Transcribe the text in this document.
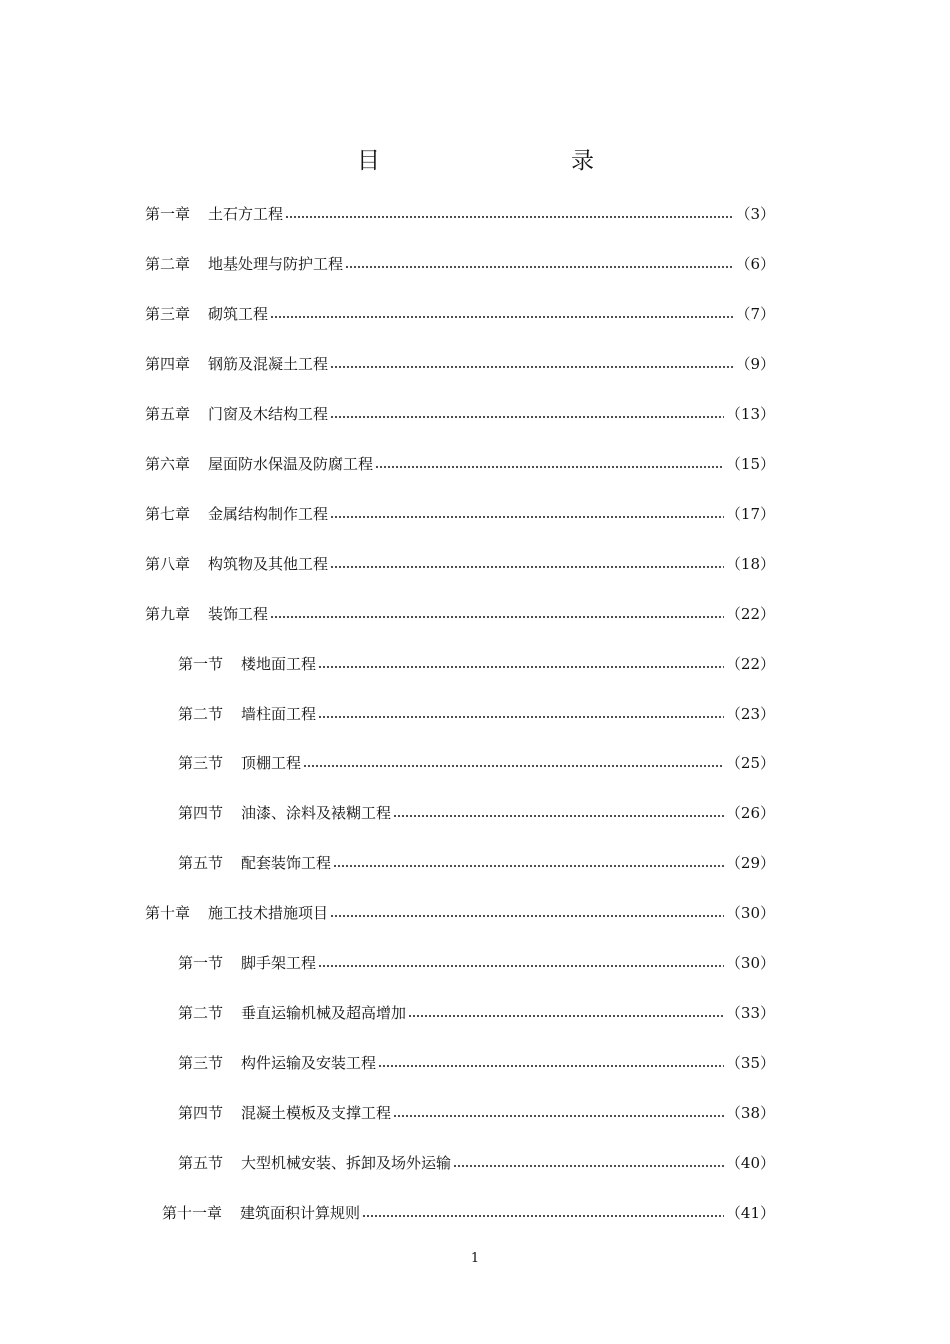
目	录
第一章 土石方工程	（3）
第二章 地基处理与防护工程	（6）
第三章 砌筑工程	（7）
第四章 钢筋及混凝土工程	（9）
第五章 门窗及木结构工程	（13）
第六章 屋面防水保温及防腐工程	（15）
第七章 金属结构制作工程	（17）
第八章 构筑物及其他工程	（18）
第九章 装饰工程	（22）
第一节 楼地面工程	（22）
第二节 墙柱面工程	（23）
第三节 顶棚工程	（25）
第四节 油漆、涂料及裱糊工程	（26）
第五节 配套装饰工程	（29）
第十章 施工技术措施项目	（30）
第一节 脚手架工程	（30）
第二节 垂直运输机械及超高增加	（33）
第三节 构件运输及安装工程	（35）
第四节 混凝土模板及支撑工程	（38）
第五节 大型机械安装、拆卸及场外运输	（40）
第十一章 建筑面积计算规则	（41）
1
